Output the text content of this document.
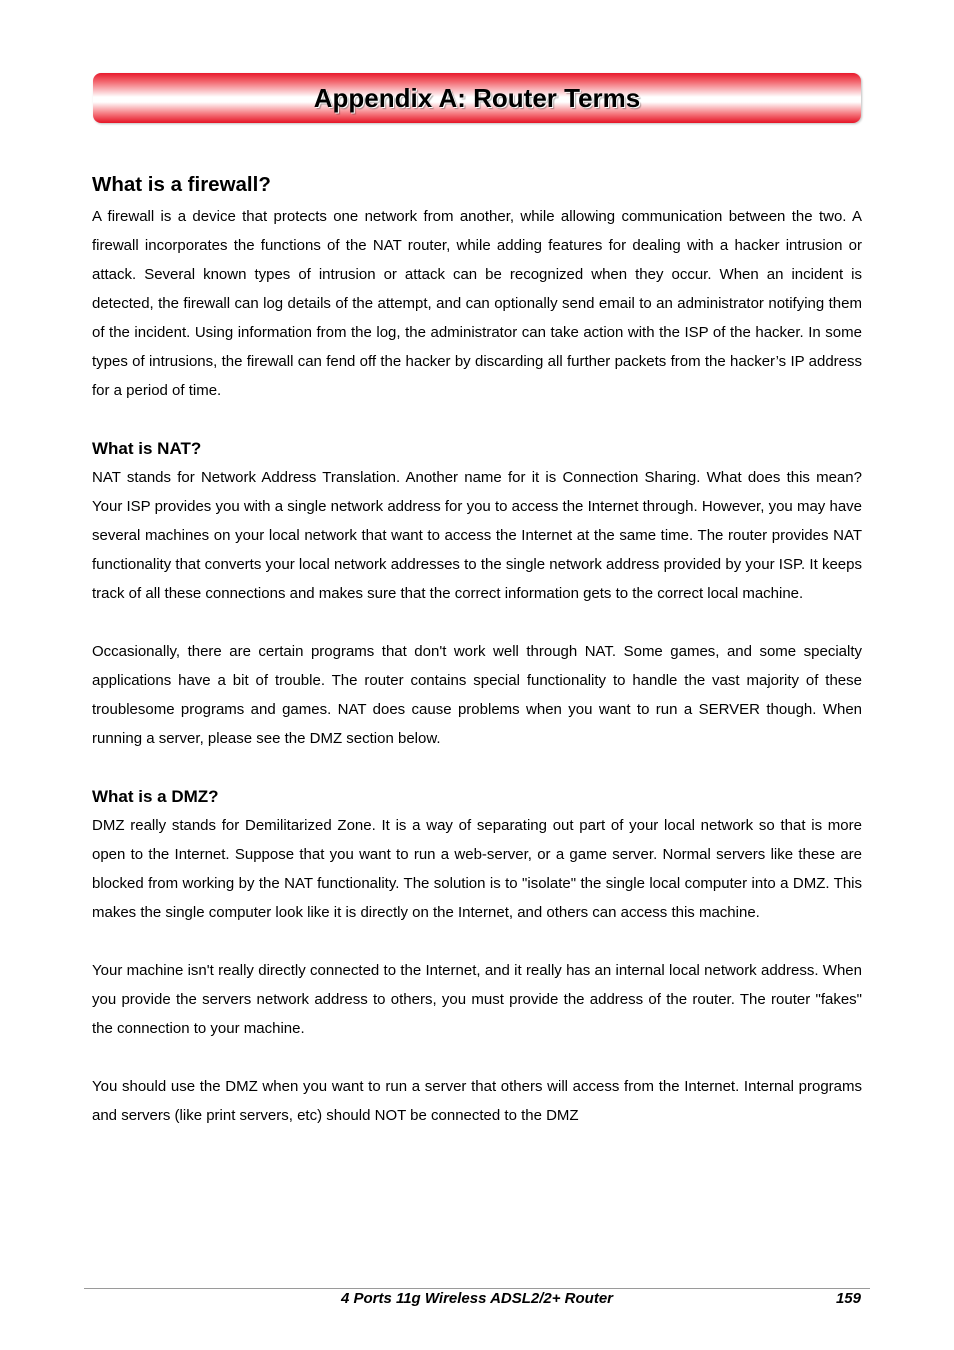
Appendix A: Router Terms
What is a firewall?

A firewall is a device that protects one network from another, while allowing communication between the two. A firewall incorporates the functions of the NAT router, while adding features for dealing with a hacker intrusion or attack. Several known types of intrusion or attack can be recognized when they occur. When an incident is detected, the firewall can log details of the attempt, and can optionally send email to an administrator notifying them of the incident. Using information from the log, the administrator can take action with the ISP of the hacker. In some types of intrusions, the firewall can fend off the hacker by discarding all further packets from the hacker’s IP address for a period of time.

What is NAT?

NAT stands for Network Address Translation. Another name for it is Connection Sharing. What does this mean? Your ISP provides you with a single network address for you to access the Internet through. However, you may have several machines on your local network that want to access the Internet at the same time. The router provides NAT functionality that converts your local network addresses to the single network address provided by your ISP. It keeps track of all these connections and makes sure that the correct information gets to the correct local machine.

Occasionally, there are certain programs that don't work well through NAT. Some games, and some specialty applications have a bit of trouble. The router contains special functionality to handle the vast majority of these troublesome programs and games. NAT does cause problems when you want to run a SERVER though. When running a server, please see the DMZ section below.

What is a DMZ?

DMZ really stands for Demilitarized Zone. It is a way of separating out part of your local network so that is more open to the Internet. Suppose that you want to run a web-server, or a game server. Normal servers like these are blocked from working by the NAT functionality. The solution is to "isolate" the single local computer into a DMZ. This makes the single computer look like it is directly on the Internet, and others can access this machine.

Your machine isn't really directly connected to the Internet, and it really has an internal local network address. When you provide the servers network address to others, you must provide the address of the router. The router "fakes" the connection to your machine.

You should use the DMZ when you want to run a server that others will access from the Internet. Internal programs and servers (like print servers, etc) should NOT be connected to the DMZ

4 Ports 11g Wireless ADSL2/2+ Router	159
